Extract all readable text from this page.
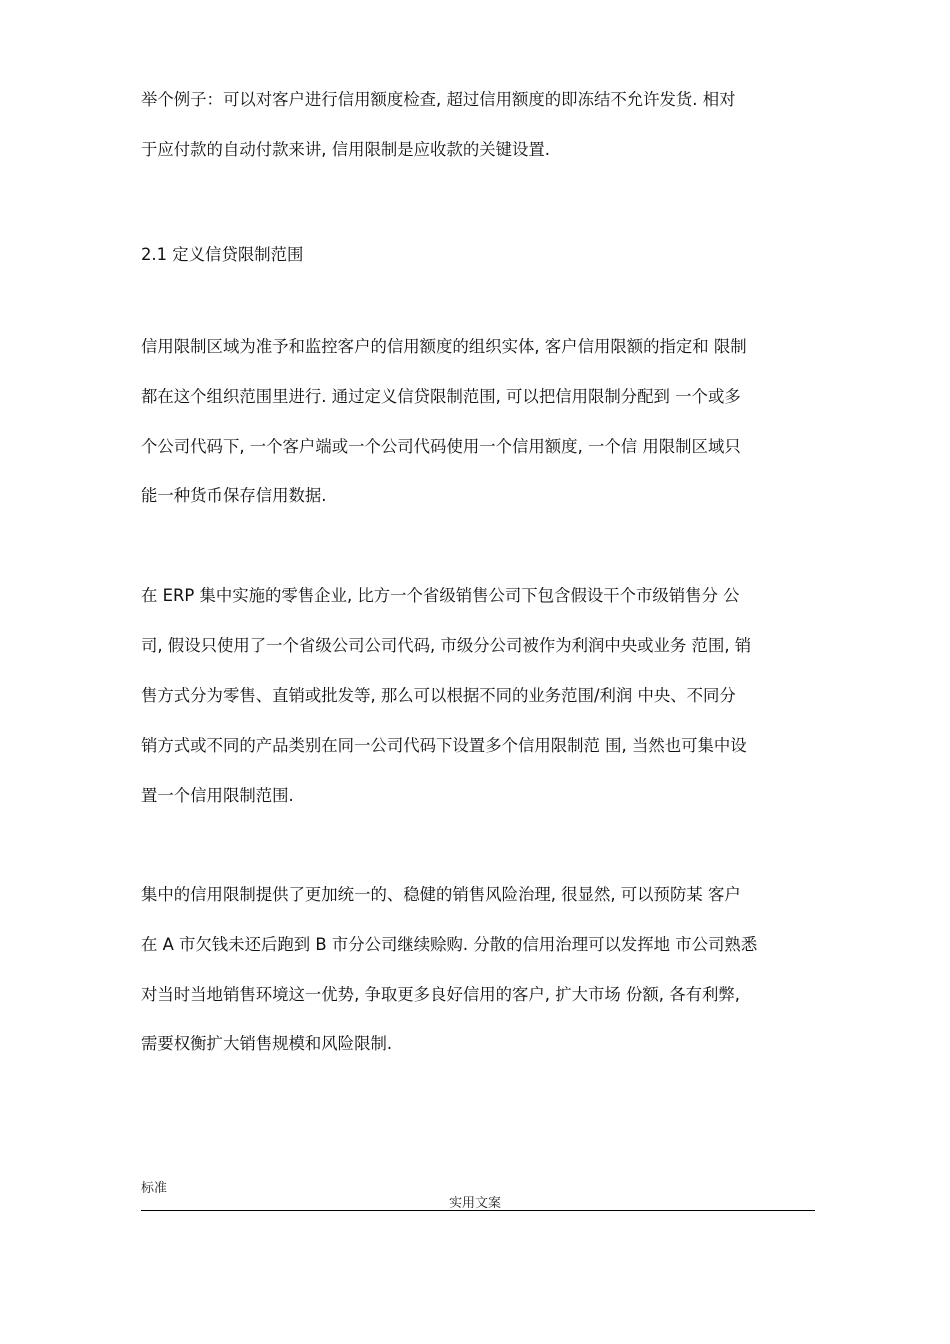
举个例子：可以对客户进行信用额度检查, 超过信用额度的即冻结不允许发货. 相对
于应付款的自动付款来讲, 信用限制是应收款的关键设置.
2.1 定义信贷限制范围
信用限制区域为准予和监控客户的信用额度的组织实体, 客户信用限额的指定和 限制
都在这个组织范围里进行. 通过定义信贷限制范围, 可以把信用限制分配到 一个或多
个公司代码下, 一个客户端或一个公司代码使用一个信用额度, 一个信 用限制区域只
能一种货币保存信用数据.
在 ERP 集中实施的零售企业, 比方一个省级销售公司下包含假设干个市级销售分 公
司, 假设只使用了一个省级公司公司代码, 市级分公司被作为利润中央或业务 范围, 销
售方式分为零售、直销或批发等, 那么可以根据不同的业务范围/利润 中央、不同分
销方式或不同的产品类别在同一公司代码下设置多个信用限制范 围, 当然也可集中设
置一个信用限制范围.
集中的信用限制提供了更加统一的、稳健的销售风险治理, 很显然, 可以预防某 客户
在 A 市欠钱未还后跑到 B 市分公司继续赊购. 分散的信用治理可以发挥地 市公司熟悉
对当时当地销售环境这一优势, 争取更多良好信用的客户, 扩大市场 份额, 各有利弊,
需要权衡扩大销售规模和风险限制.
标准
实用文案
